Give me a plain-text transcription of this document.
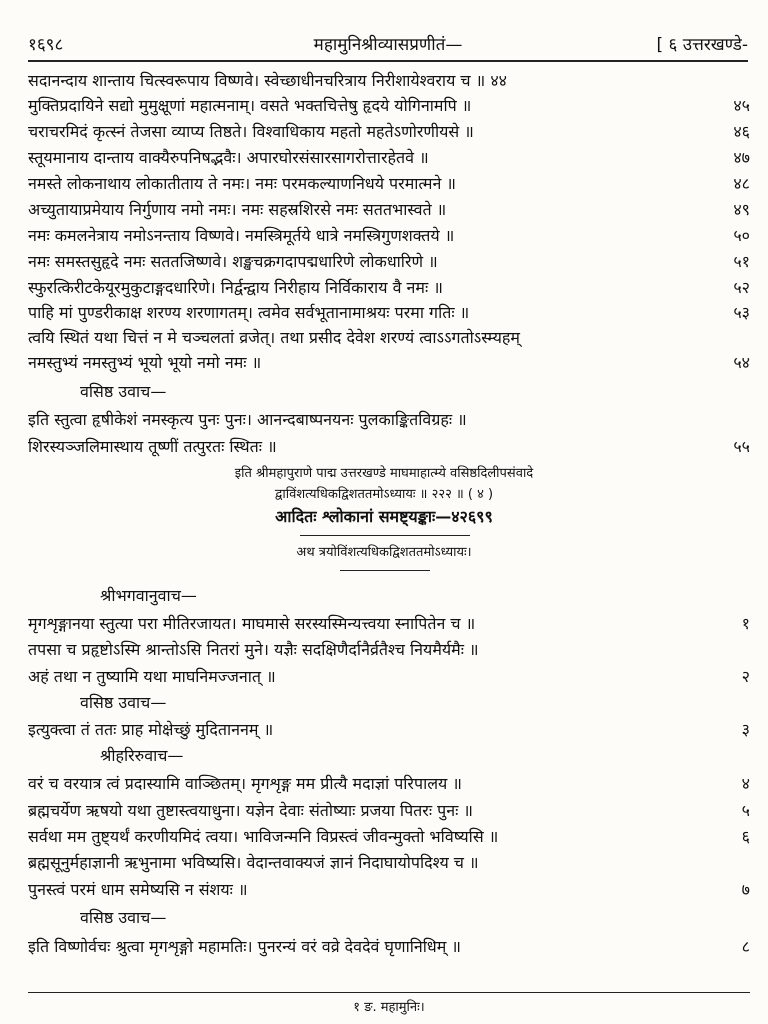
१६९८	महामुनिश्रीव्यासप्रणीतं—	[ ६ उत्तरखण्डे-
सदानन्दाय शान्ताय चित्स्वरूपाय विष्णवे। स्वेच्छाधीनचरित्राय निरीशायेश्वराय च ॥ ४४
मुक्तिप्रदायिने सद्यो मुमुक्षूणां महात्मनाम्। वसते भक्तचित्तेषु हृदये योगिनामपि ॥	४५
चराचरमिदं कृत्स्नं तेजसा व्याप्य तिष्ठते। विश्वाधिकाय महतो महतेऽणोरणीयसे ॥	४६
स्तूयमानाय दान्ताय वाक्यैरुपनिषद्भवैः। अपारघोरसंसारसागरोत्तारहेतवे ॥	४७
नमस्ते लोकनाथाय लोकातीताय ते नमः। नमः परमकल्याणनिधये परमात्मने ॥	४८
अच्युतायाप्रमेयाय निर्गुणाय नमो नमः। नमः सहस्रशिरसे नमः सततभास्वते ॥	४९
नमः कमलनेत्राय नमोऽनन्ताय विष्णवे। नमस्त्रिमूर्तये धात्रे नमस्त्रिगुणशक्तये ॥	५०
नमः समस्तसुहृदे नमः सततजिष्णवे। शङ्खचक्रगदापद्मधारिणे लोकधारिणे ॥	५१
स्फुरत्किरीटकेयूरमुकुटाङ्गदधारिणे। निर्द्वन्द्वाय निरीहाय निर्विकाराय वै नमः ॥	५२
पाहि मां पुण्डरीकाक्ष शरण्य शरणागतम्। त्वमेव सर्वभूतानामाश्रयः परमा गतिः ॥	५३
त्वयि स्थितं यथा चित्तं न मे चञ्चलतां व्रजेत्। तथा प्रसीद देवेश शरण्यं त्वाऽऽगतोऽस्म्यहम्
नमस्तुभ्यं नमस्तुभ्यं भूयो भूयो नमो नमः ॥	५४
वसिष्ठ उवाच—
इति स्तुत्वा हृषीकेशं नमस्कृत्य पुनः पुनः। आनन्दबाष्पनयनः पुलकाङ्कितविग्रहः ॥
शिरस्यञ्जलिमास्थाय तूष्णीं तत्पुरतः स्थितः ॥	५५
इति श्रीमहापुराणे पाद्म उत्तरखण्डे माघमाहात्म्ये वसिष्ठदिलीपसंवादे
द्वाविंशत्यधिकद्विशततमोऽध्यायः ॥ २२२ ॥ ( ४ )
आदितः श्लोकानां समष्ट्यङ्काः—४२६९९
अथ त्रयोविंशत्यधिकद्विशततमोऽध्यायः।
श्रीभगवानुवाच—
मृगशृङ्गानया स्तुत्या परा मीतिरजायत। माघमासे सरस्यस्मिन्यत्त्वया स्नापितेन च ॥	१
तपसा च प्रहृष्टोऽस्मि श्रान्तोऽसि नितरां मुने। यज्ञैः सदक्षिणैर्दानैर्व्रतैश्च नियमैर्यमैः ॥
अहं तथा न तुष्यामि यथा माघनिमज्जनात् ॥	२
वसिष्ठ उवाच—
इत्युक्त्वा तं ततः प्राह मोक्षेच्छुं मुदिताननम् ॥	३
श्रीहरिरुवाच—
वरं च वरयात्र त्वं प्रदास्यामि वाञ्छितम्। मृगशृङ्ग मम प्रीत्यै मदाज्ञां परिपालय ॥	४
ब्रह्मचर्येण ऋषयो यथा तुष्टास्त्वयाधुना। यज्ञेन देवाः संतोष्याः प्रजया पितरः पुनः ॥	५
सर्वथा मम तुष्ट्यर्थं करणीयमिदं त्वया। भाविजन्मनि विप्रस्त्वं जीवन्मुक्तो भविष्यसि ॥	६
ब्रह्मसूनुर्महाज्ञानी ऋभुनामा भविष्यसि। वेदान्तवाक्यजं ज्ञानं निदाघायोपदिश्य च ॥
पुनस्त्वं परमं धाम समेष्यसि न संशयः ॥	७
वसिष्ठ उवाच—
इति विष्णोर्वचः श्रुत्वा मृगशृङ्गो महामतिः। पुनरन्यं वरं वव्रे देवदेवं घृणानिधिम् ॥	८
१ ङ. महामुनिः।
